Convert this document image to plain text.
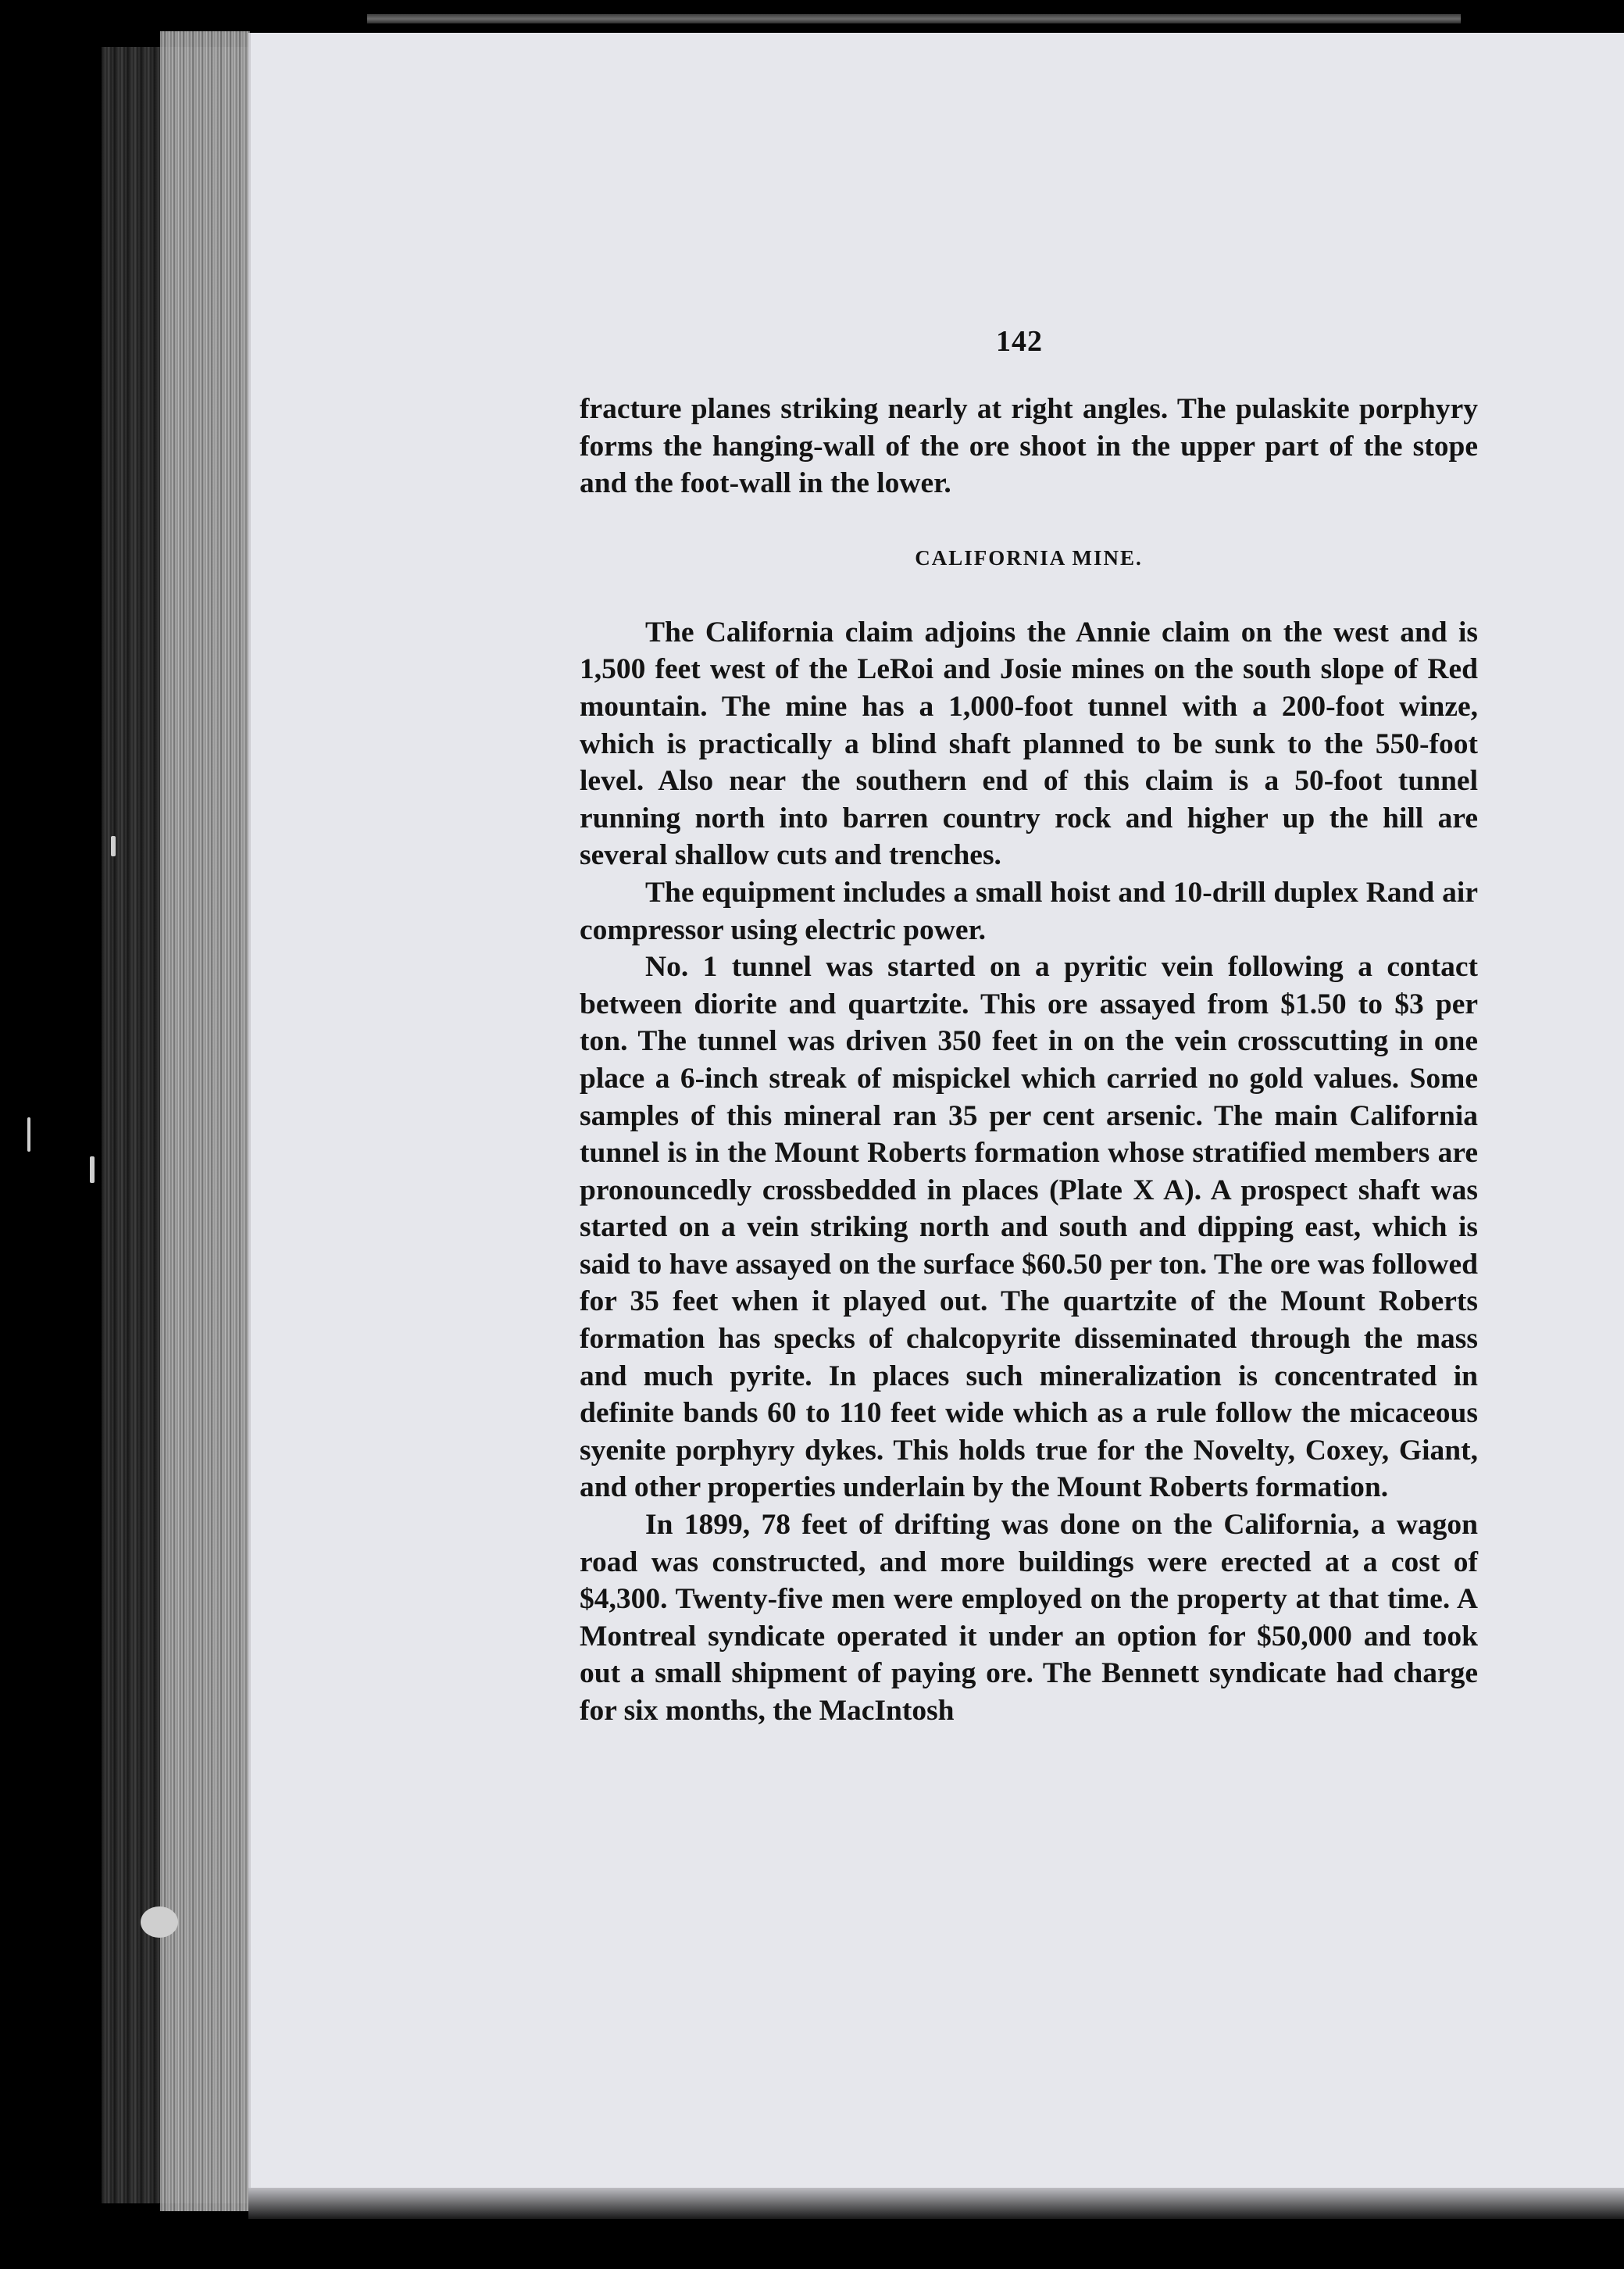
142

fracture planes striking nearly at right angles. The pulaskite porphyry forms the hanging-wall of the ore shoot in the upper part of the stope and the foot-wall in the lower.

CALIFORNIA MINE.

The California claim adjoins the Annie claim on the west and is 1,500 feet west of the LeRoi and Josie mines on the south slope of Red mountain. The mine has a 1,000-foot tunnel with a 200-foot winze, which is practically a blind shaft planned to be sunk to the 550-foot level. Also near the southern end of this claim is a 50-foot tunnel running north into barren country rock and higher up the hill are several shallow cuts and trenches.

The equipment includes a small hoist and 10-drill duplex Rand air compressor using electric power.

No. 1 tunnel was started on a pyritic vein following a contact between diorite and quartzite. This ore assayed from $1.50 to $3 per ton. The tunnel was driven 350 feet in on the vein crosscutting in one place a 6-inch streak of mispickel which carried no gold values. Some samples of this mineral ran 35 per cent arsenic. The main California tunnel is in the Mount Roberts formation whose stratified members are pronouncedly crossbedded in places (Plate X A). A prospect shaft was started on a vein striking north and south and dipping east, which is said to have assayed on the surface $60.50 per ton. The ore was followed for 35 feet when it played out. The quartzite of the Mount Roberts formation has specks of chalcopyrite disseminated through the mass and much pyrite. In places such mineralization is concentrated in definite bands 60 to 110 feet wide which as a rule follow the micaceous syenite porphyry dykes. This holds true for the Novelty, Coxey, Giant, and other properties underlain by the Mount Roberts formation.

In 1899, 78 feet of drifting was done on the California, a wagon road was constructed, and more buildings were erected at a cost of $4,300. Twenty-five men were employed on the property at that time. A Montreal syndicate operated it under an option for $50,000 and took out a small shipment of paying ore. The Bennett syndicate had charge for six months, the MacIntosh
